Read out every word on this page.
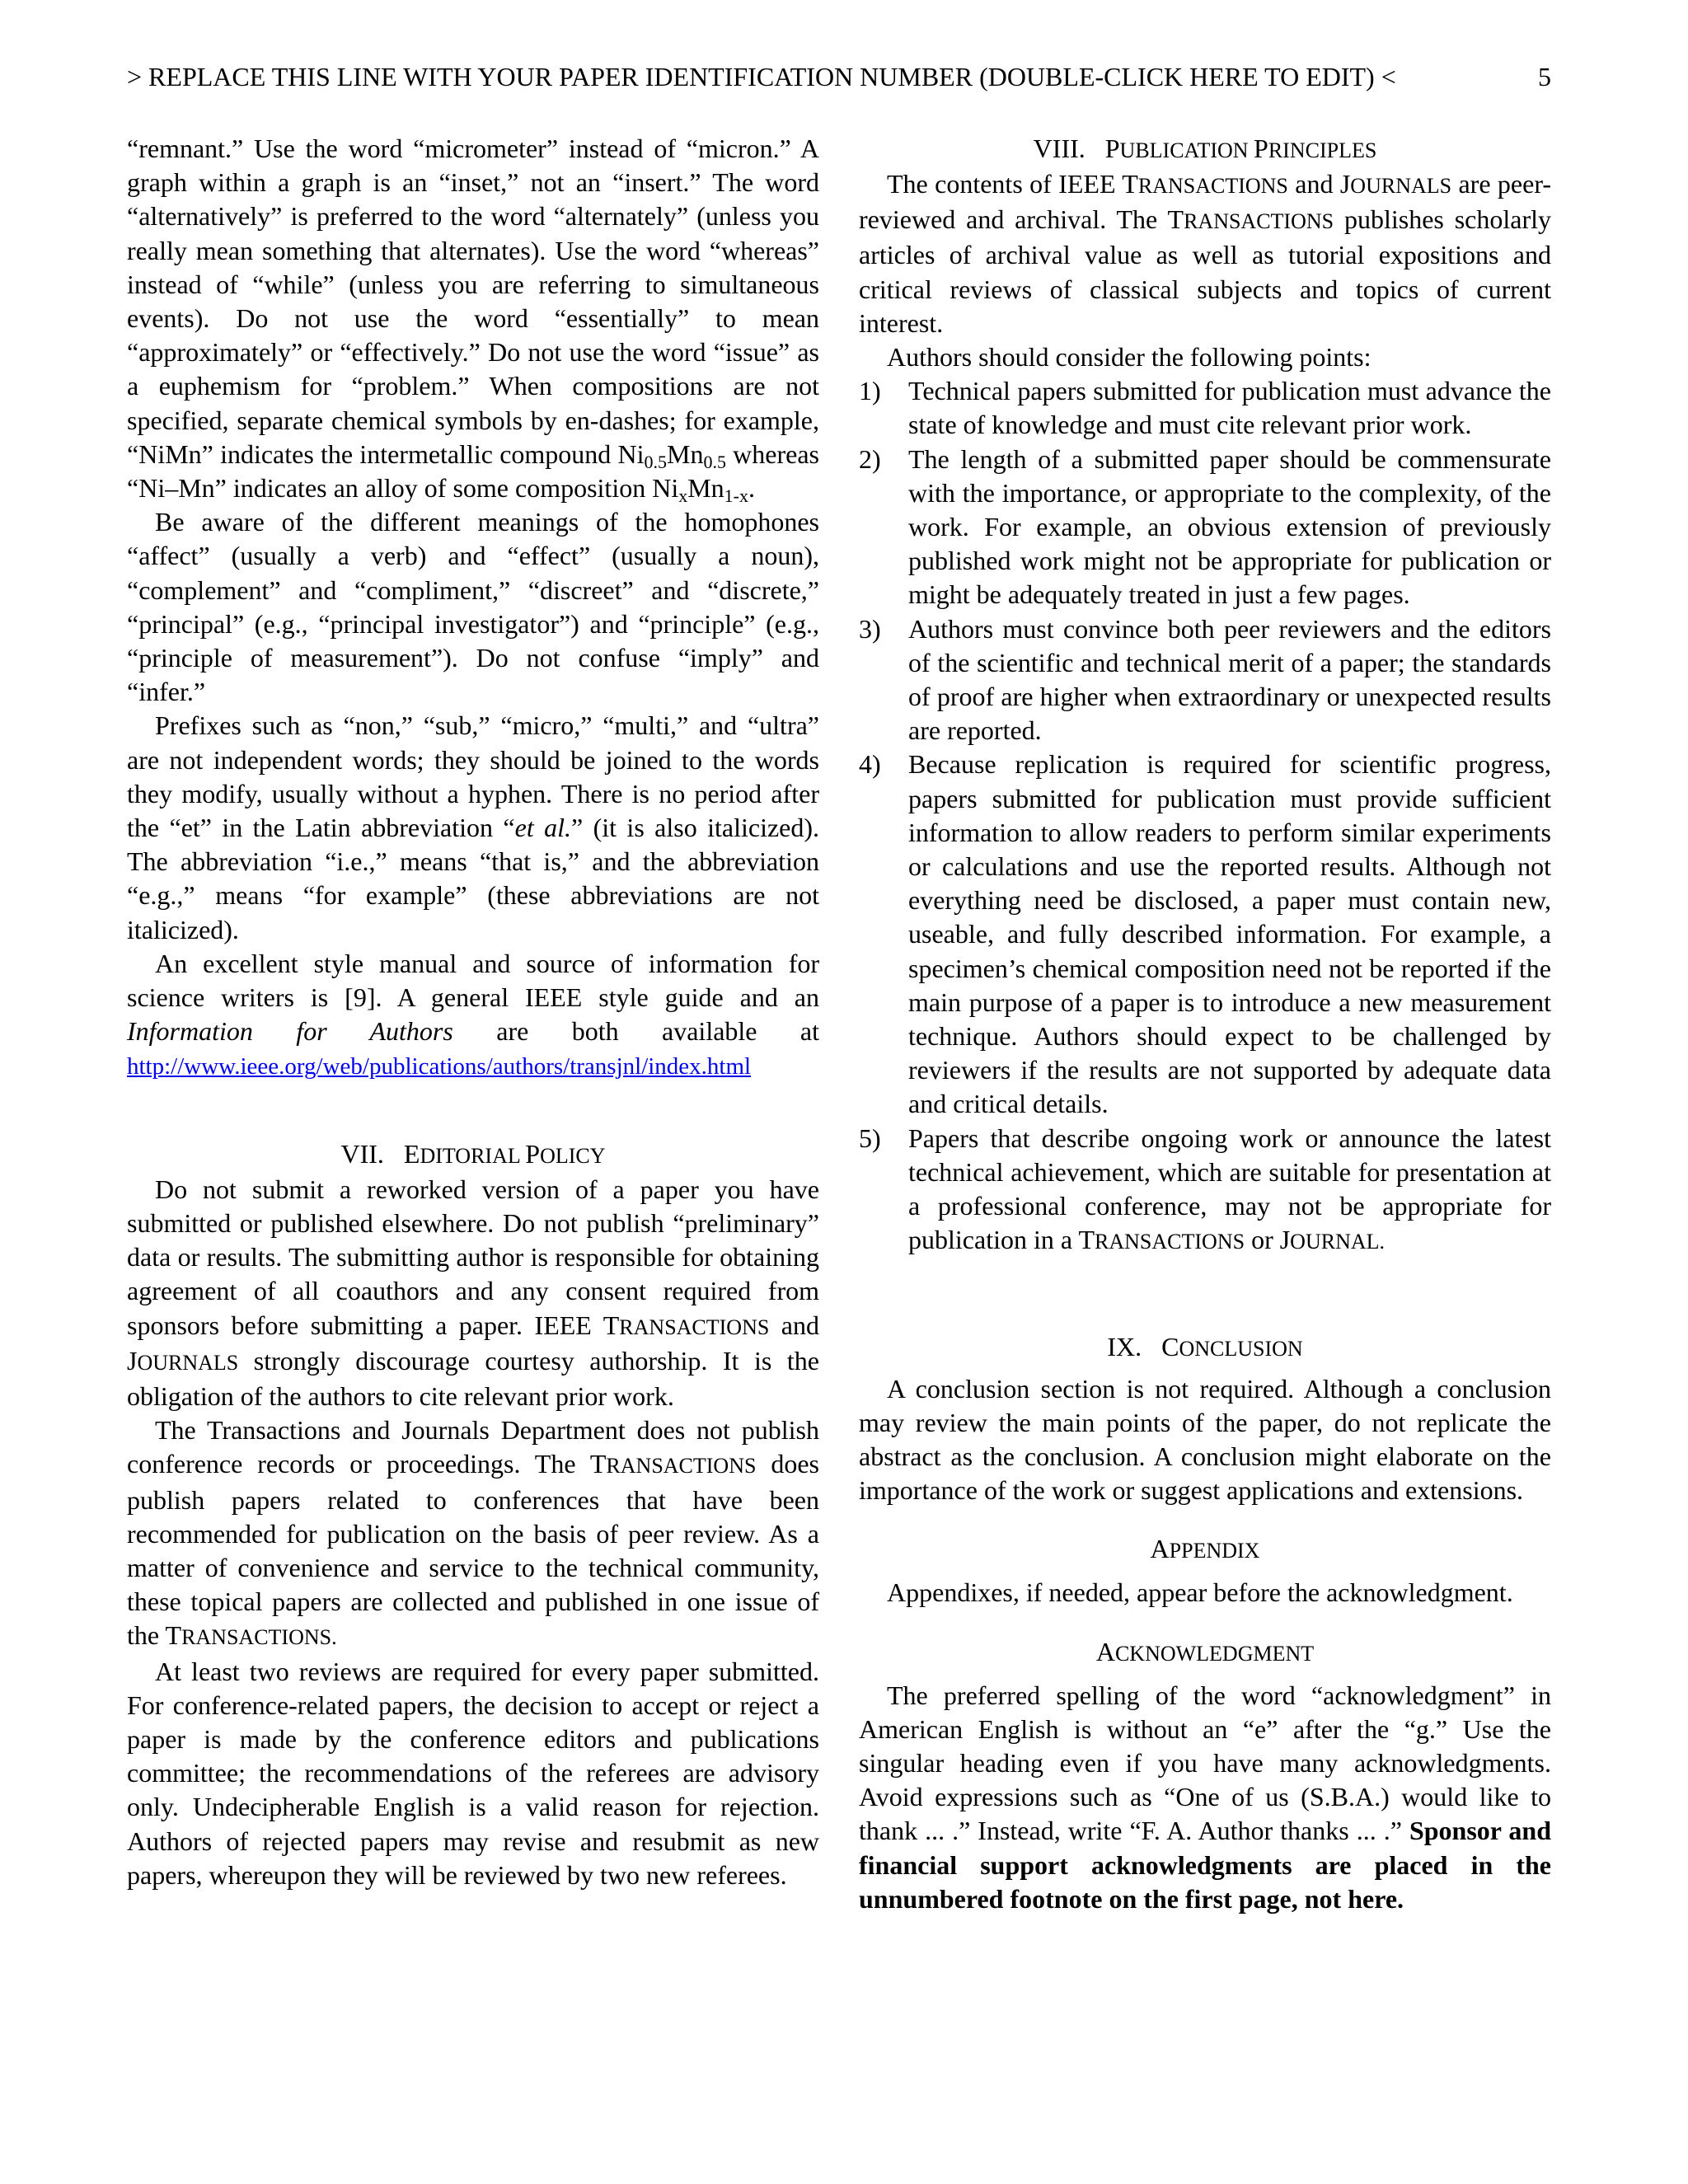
> REPLACE THIS LINE WITH YOUR PAPER IDENTIFICATION NUMBER (DOUBLE-CLICK HERE TO EDIT) <	5

“remnant.” Use the word “micrometer” instead of “micron.” A graph within a graph is an “inset,” not an “insert.” The word “alternatively” is preferred to the word “alternately” (unless you really mean something that alternates). Use the word “whereas” instead of “while” (unless you are referring to simultaneous events). Do not use the word “essentially” to mean “approximately” or “effectively.” Do not use the word “issue” as a euphemism for “problem.” When compositions are not specified, separate chemical symbols by en-dashes; for example, “NiMn” indicates the intermetallic compound $Ni_{0.5}Mn_{0.5}$ whereas “Ni–Mn” indicates an alloy of some composition $Ni_xMn_{1-x}$.

Be aware of the different meanings of the homophones “affect” (usually a verb) and “effect” (usually a noun), “complement” and “compliment,” “discreet” and “discrete,” “principal” (e.g., “principal investigator”) and “principle” (e.g., “principle of measurement”). Do not confuse “imply” and “infer.”

Prefixes such as “non,” “sub,” “micro,” “multi,” and “ultra” are not independent words; they should be joined to the words they modify, usually without a hyphen. There is no period after the “et” in the Latin abbreviation “et al.” (it is also italicized). The abbreviation “i.e.,” means “that is,” and the abbreviation “e.g.,” means “for example” (these abbreviations are not italicized).

An excellent style manual and source of information for science writers is [9]. A general IEEE style guide and an Information for Authors are both available at http://www.ieee.org/web/publications/authors/transjnl/index.html

VII. EDITORIAL POLICY

Do not submit a reworked version of a paper you have submitted or published elsewhere. Do not publish “preliminary” data or results. The submitting author is responsible for obtaining agreement of all coauthors and any consent required from sponsors before submitting a paper. IEEE TRANSACTIONS and JOURNALS strongly discourage courtesy authorship. It is the obligation of the authors to cite relevant prior work.

The Transactions and Journals Department does not publish conference records or proceedings. The TRANSACTIONS does publish papers related to conferences that have been recommended for publication on the basis of peer review. As a matter of convenience and service to the technical community, these topical papers are collected and published in one issue of the TRANSACTIONS.

At least two reviews are required for every paper submitted. For conference-related papers, the decision to accept or reject a paper is made by the conference editors and publications committee; the recommendations of the referees are advisory only. Undecipherable English is a valid reason for rejection. Authors of rejected papers may revise and resubmit as new papers, whereupon they will be reviewed by two new referees.

VIII. PUBLICATION PRINCIPLES

The contents of IEEE TRANSACTIONS and JOURNALS are peer-reviewed and archival. The TRANSACTIONS publishes scholarly articles of archival value as well as tutorial expositions and critical reviews of classical subjects and topics of current interest.

Authors should consider the following points:

1) Technical papers submitted for publication must advance the state of knowledge and must cite relevant prior work.
2) The length of a submitted paper should be commensurate with the importance, or appropriate to the complexity, of the work. For example, an obvious extension of previously published work might not be appropriate for publication or might be adequately treated in just a few pages.
3) Authors must convince both peer reviewers and the editors of the scientific and technical merit of a paper; the standards of proof are higher when extraordinary or unexpected results are reported.
4) Because replication is required for scientific progress, papers submitted for publication must provide sufficient information to allow readers to perform similar experiments or calculations and use the reported results. Although not everything need be disclosed, a paper must contain new, useable, and fully described information. For example, a specimen’s chemical composition need not be reported if the main purpose of a paper is to introduce a new measurement technique. Authors should expect to be challenged by reviewers if the results are not supported by adequate data and critical details.
5) Papers that describe ongoing work or announce the latest technical achievement, which are suitable for presentation at a professional conference, may not be appropriate for publication in a TRANSACTIONS or JOURNAL.
IX. CONCLUSION

A conclusion section is not required. Although a conclusion may review the main points of the paper, do not replicate the abstract as the conclusion. A conclusion might elaborate on the importance of the work or suggest applications and extensions.

APPENDIX

Appendixes, if needed, appear before the acknowledgment.

ACKNOWLEDGMENT

The preferred spelling of the word “acknowledgment” in American English is without an “e” after the “g.” Use the singular heading even if you have many acknowledgments. Avoid expressions such as “One of us (S.B.A.) would like to thank ... .” Instead, write “F. A. Author thanks ... .” Sponsor and financial support acknowledgments are placed in the unnumbered footnote on the first page, not here.
